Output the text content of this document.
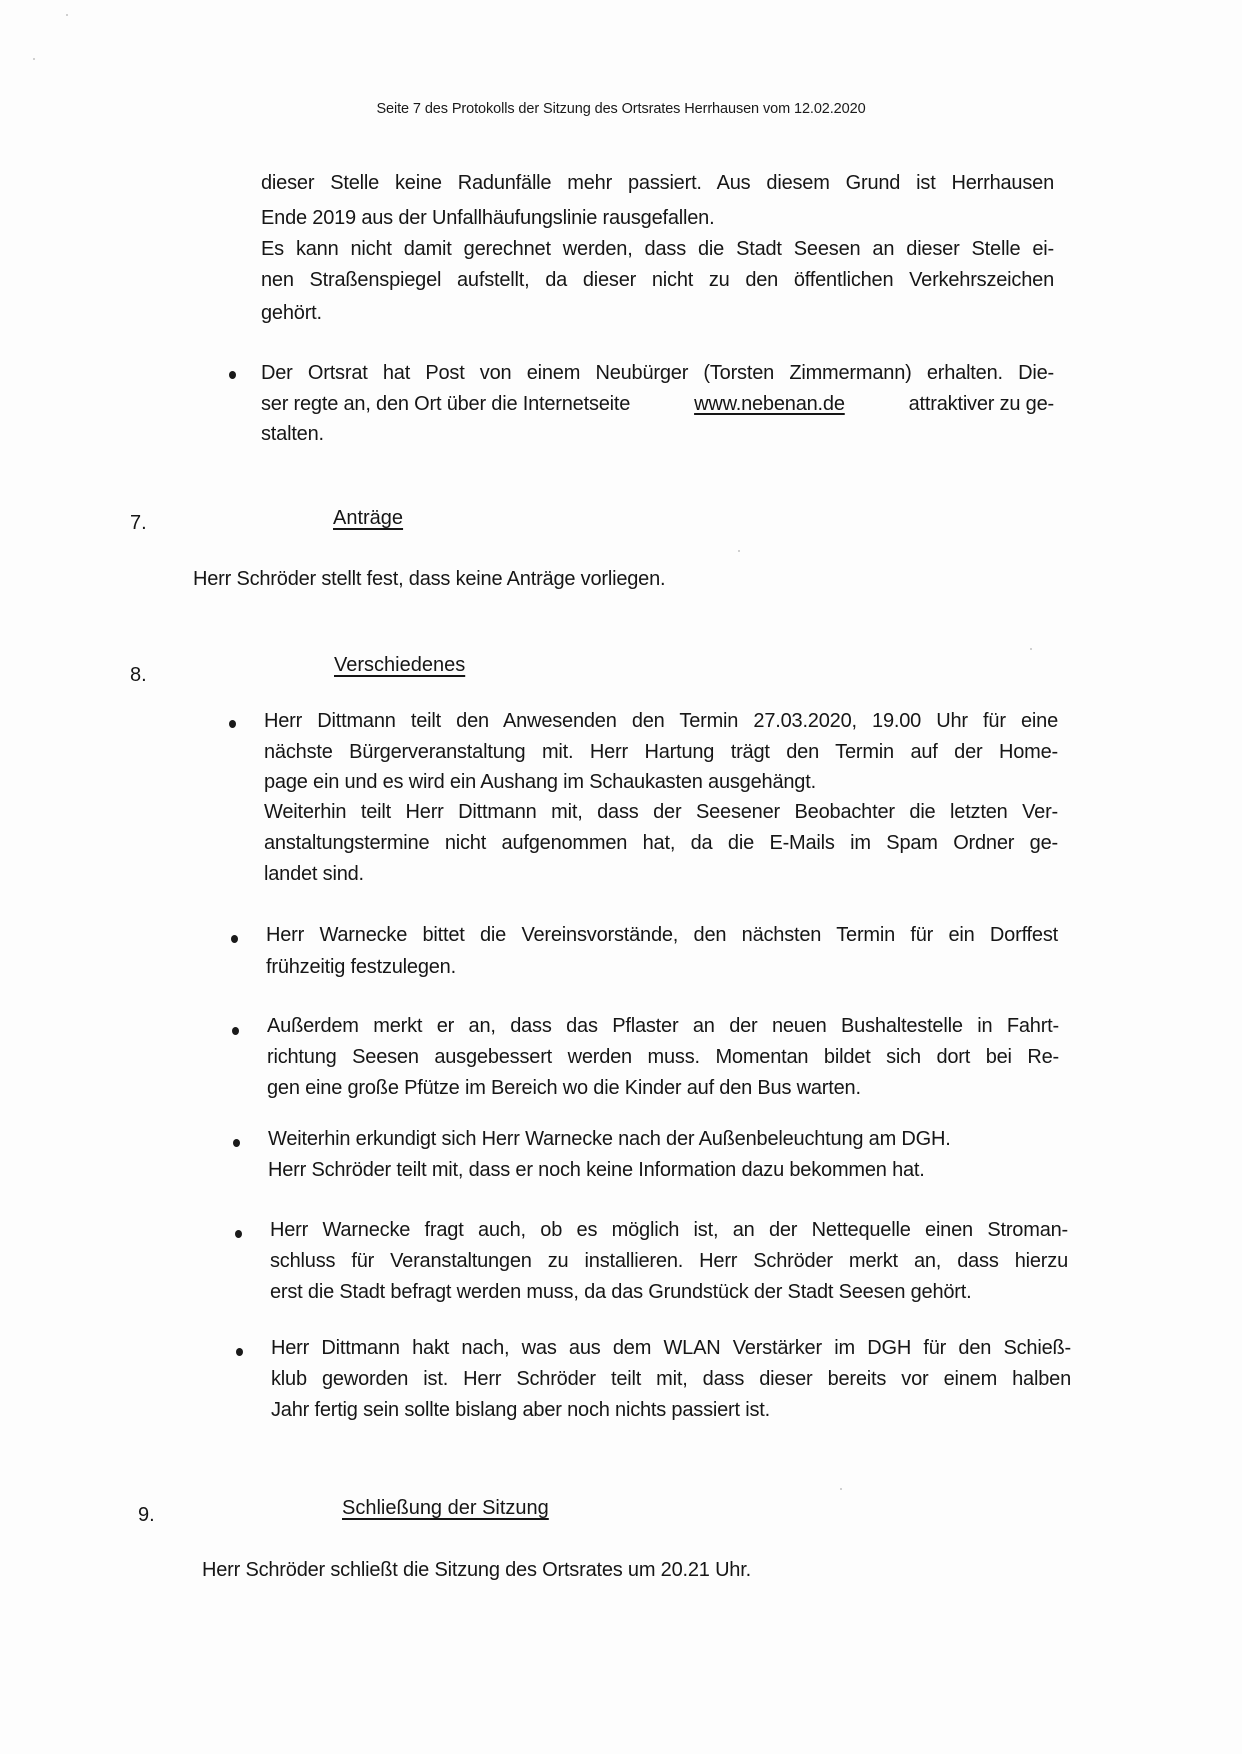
Seite 7 des Protokolls der Sitzung des Ortsrates Herrhausen vom 12.02.2020
dieser Stelle keine Radunfälle mehr passiert. Aus diesem Grund ist Herrhausen
Ende 2019 aus der Unfallhäufungslinie rausgefallen.
Es kann nicht damit gerechnet werden, dass die Stadt Seesen an dieser Stelle ei-
nen Straßenspiegel aufstellt, da dieser nicht zu den öffentlichen Verkehrszeichen
gehört.
Der Ortsrat hat Post von einem Neubürger (Torsten Zimmermann) erhalten. Die-
ser regte an, den Ort über die Internetseite	www.nebenan.de	attraktiver zu ge-
stalten.
7.	Anträge
Herr Schröder stellt fest, dass keine Anträge vorliegen.
8.	Verschiedenes
Herr Dittmann teilt den Anwesenden den Termin 27.03.2020, 19.00 Uhr für eine
nächste Bürgerveranstaltung mit. Herr Hartung trägt den Termin auf der Home-
page ein und es wird ein Aushang im Schaukasten ausgehängt.
Weiterhin teilt Herr Dittmann mit, dass der Seesener Beobachter die letzten Ver-
anstaltungstermine nicht aufgenommen hat, da die E-Mails im Spam Ordner ge-
landet sind.
Herr Warnecke bittet die Vereinsvorstände, den nächsten Termin für ein Dorffest
frühzeitig festzulegen.
Außerdem merkt er an, dass das Pflaster an der neuen Bushaltestelle in Fahrt-
richtung Seesen ausgebessert werden muss. Momentan bildet sich dort bei Re-
gen eine große Pfütze im Bereich wo die Kinder auf den Bus warten.
Weiterhin erkundigt sich Herr Warnecke nach der Außenbeleuchtung am DGH.
Herr Schröder teilt mit, dass er noch keine Information dazu bekommen hat.
Herr Warnecke fragt auch, ob es möglich ist, an der Nettequelle einen Stroman-
schluss für Veranstaltungen zu installieren. Herr Schröder merkt an, dass hierzu
erst die Stadt befragt werden muss, da das Grundstück der Stadt Seesen gehört.
Herr Dittmann hakt nach, was aus dem WLAN Verstärker im DGH für den Schieß-
klub geworden ist. Herr Schröder teilt mit, dass dieser bereits vor einem halben
Jahr fertig sein sollte bislang aber noch nichts passiert ist.
9.	Schließung der Sitzung
Herr Schröder schließt die Sitzung des Ortsrates um 20.21 Uhr.
